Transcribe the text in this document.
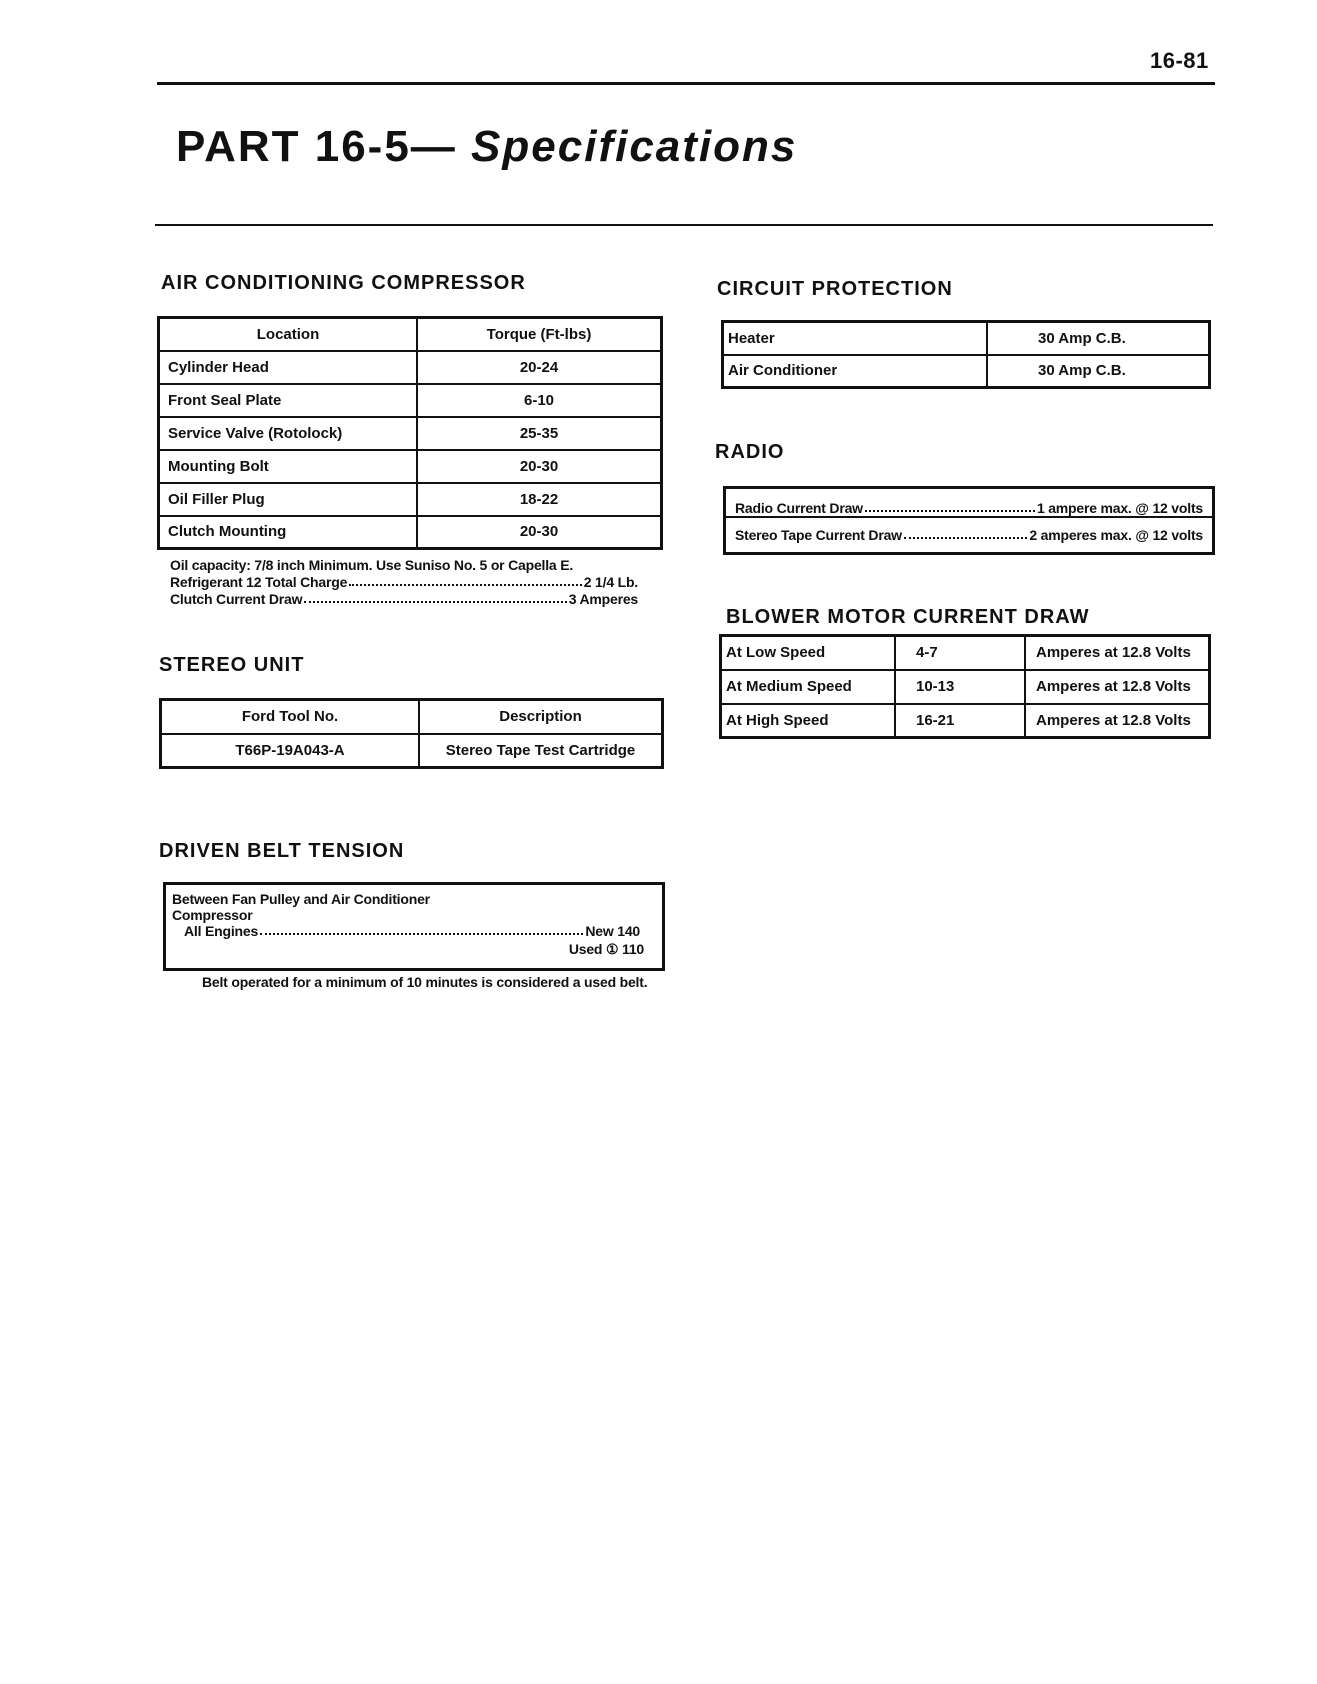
16-81
PART 16-5— Specifications
AIR CONDITIONING COMPRESSOR
Location	Torque (Ft-lbs)
Cylinder Head	20-24
Front Seal Plate	6-10
Service Valve (Rotolock)	25-35
Mounting Bolt	20-30
Oil Filler Plug	18-22
Clutch Mounting	20-30
Oil capacity: 7/8 inch Minimum. Use Suniso No. 5 or Capella E.
Refrigerant 12 Total Charge	2 1/4 Lb.
Clutch Current Draw	3 Amperes
STEREO UNIT
Ford Tool No.	Description
T66P-19A043-A	Stereo Tape Test Cartridge
DRIVEN BELT TENSION
Between Fan Pulley and Air Conditioner
Compressor
All Engines	New 140
Used ① 110
Belt operated for a minimum of 10 minutes is considered a used belt.
CIRCUIT PROTECTION
Heater	30 Amp C.B.
Air Conditioner	30 Amp C.B.
RADIO
Radio Current Draw	1 ampere max. @ 12 volts
Stereo Tape Current Draw	2 amperes max. @ 12 volts
BLOWER MOTOR CURRENT DRAW
At Low Speed	4-7	Amperes at 12.8 Volts
At Medium Speed	10-13	Amperes at 12.8 Volts
At High Speed	16-21	Amperes at 12.8 Volts
